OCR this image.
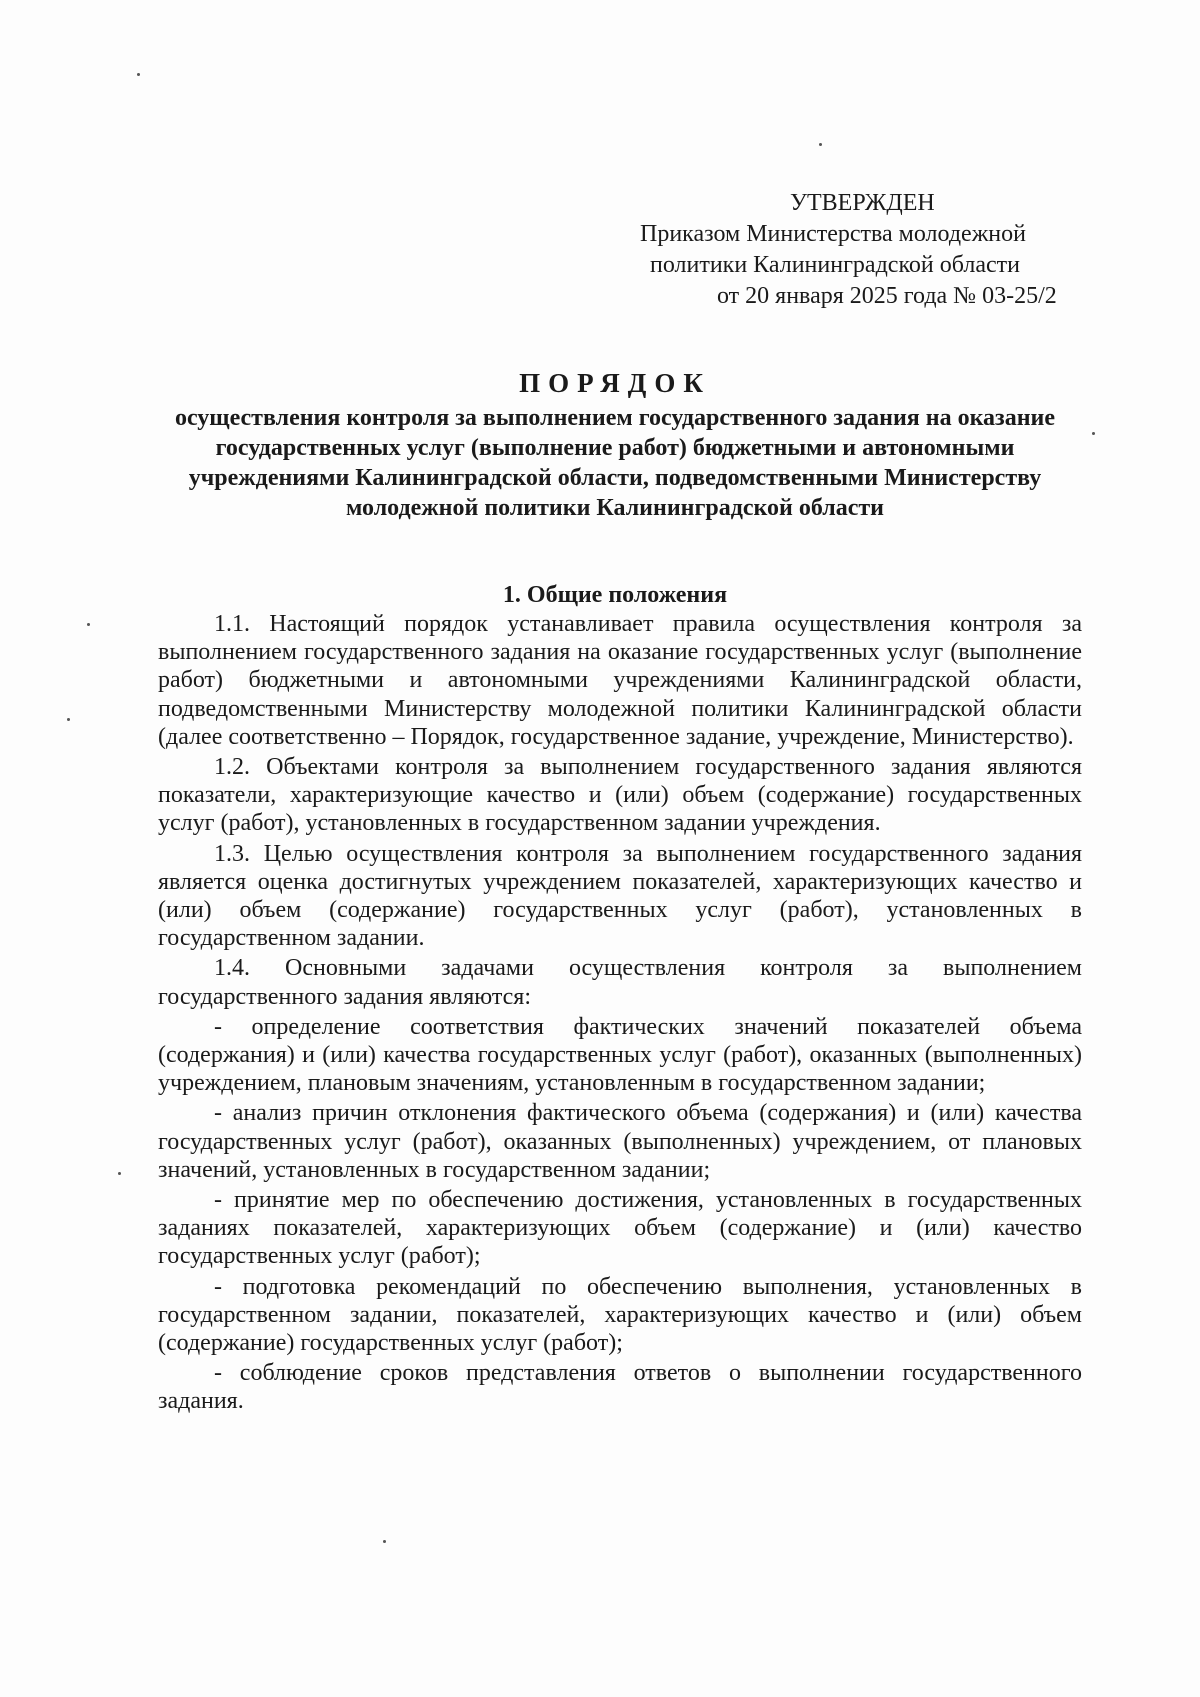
УТВЕРЖДЕН
Приказом Министерства молодежной
политики Калининградской области
от 20 января 2025 года № 03-25/2
ПОРЯДОК
осуществления контроля за выполнением государственного задания на оказание государственных услуг (выполнение работ) бюджетными и автономными учреждениями Калининградской области, подведомственными Министерству молодежной политики Калининградской области
1. Общие положения

1.1. Настоящий порядок устанавливает правила осуществления контроля за выполнением государственного задания на оказание государственных услуг (выполнение работ) бюджетными и автономными учреждениями Калининградской области, подведомственными Министерству молодежной политики Калининградской области (далее соответственно – Порядок, государственное задание, учреждение, Министерство).

1.2. Объектами контроля за выполнением государственного задания являются показатели, характеризующие качество и (или) объем (содержание) государственных услуг (работ), установленных в государственном задании учреждения.

1.3. Целью осуществления контроля за выполнением государственного задания является оценка достигнутых учреждением показателей, характеризующих качество и (или) объем (содержание) государственных услуг (работ), установленных в государственном задании.

1.4. Основными задачами осуществления контроля за выполнением государственного задания являются:

- определение соответствия фактических значений показателей объема (содержания) и (или) качества государственных услуг (работ), оказанных (выполненных) учреждением, плановым значениям, установленным в государственном задании;

- анализ причин отклонения фактического объема (содержания) и (или) качества государственных услуг (работ), оказанных (выполненных) учреждением, от плановых значений, установленных в государственном задании;

- принятие мер по обеспечению достижения, установленных в государственных заданиях показателей, характеризующих объем (содержание) и (или) качество государственных услуг (работ);

- подготовка рекомендаций по обеспечению выполнения, установленных в государственном задании, показателей, характеризующих качество и (или) объем (содержание) государственных услуг (работ);

- соблюдение сроков представления ответов о выполнении государственного задания.
